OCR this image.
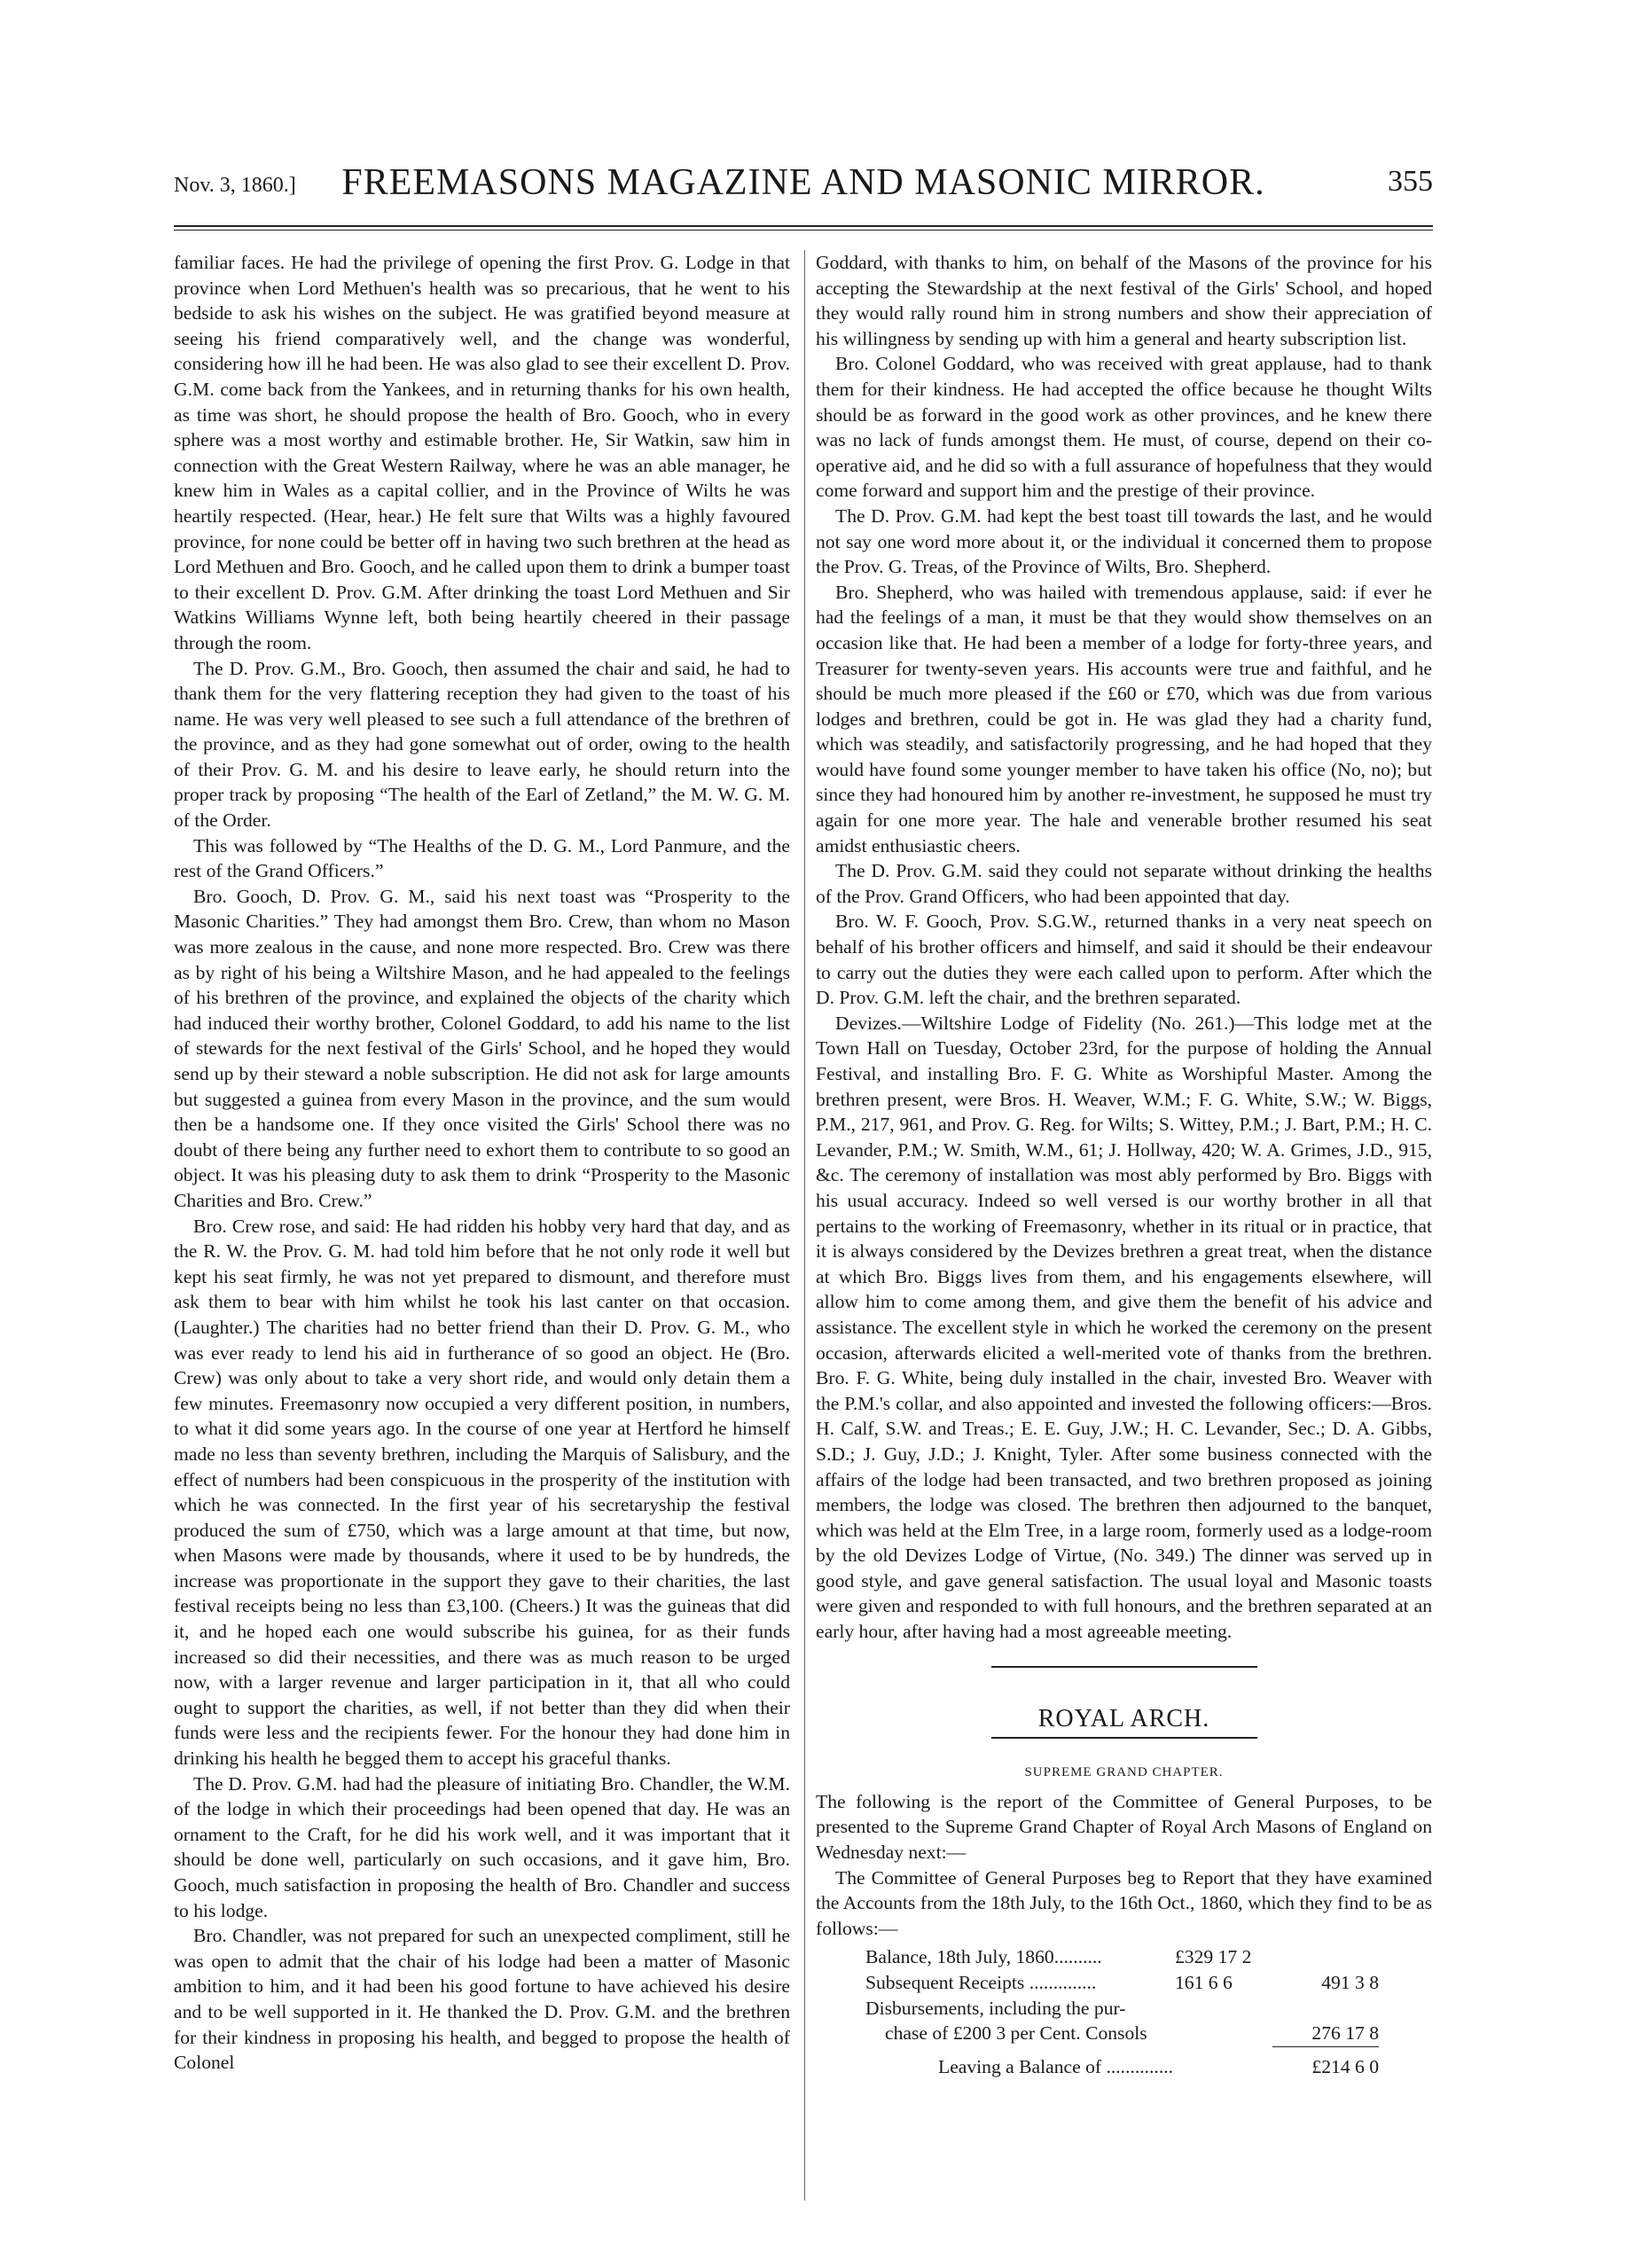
Nov. 3, 1860.]	FREEMASONS MAGAZINE AND MASONIC MIRROR.	355

familiar faces. He had the privilege of opening the first Prov. G. Lodge in that province when Lord Methuen's health was so precarious, that he went to his bedside to ask his wishes on the subject. He was gratified beyond measure at seeing his friend comparatively well, and the change was wonderful, considering how ill he had been. He was also glad to see their excellent D. Prov. G.M. come back from the Yankees, and in returning thanks for his own health, as time was short, he should propose the health of Bro. Gooch, who in every sphere was a most worthy and estimable brother. He, Sir Watkin, saw him in connection with the Great Western Railway, where he was an able manager, he knew him in Wales as a capital collier, and in the Province of Wilts he was heartily respected. (Hear, hear.) He felt sure that Wilts was a highly favoured province, for none could be better off in having two such brethren at the head as Lord Methuen and Bro. Gooch, and he called upon them to drink a bumper toast to their excellent D. Prov. G.M. After drinking the toast Lord Methuen and Sir Watkins Williams Wynne left, both being heartily cheered in their passage through the room.

The D. Prov. G.M., Bro. Gooch, then assumed the chair and said, he had to thank them for the very flattering reception they had given to the toast of his name. He was very well pleased to see such a full attendance of the brethren of the province, and as they had gone somewhat out of order, owing to the health of their Prov. G. M. and his desire to leave early, he should return into the proper track by proposing “The health of the Earl of Zetland,” the M. W. G. M. of the Order.

This was followed by “The Healths of the D. G. M., Lord Panmure, and the rest of the Grand Officers.”

Bro. Gooch, D. Prov. G. M., said his next toast was “Prosperity to the Masonic Charities.” They had amongst them Bro. Crew, than whom no Mason was more zealous in the cause, and none more respected. Bro. Crew was there as by right of his being a Wiltshire Mason, and he had appealed to the feelings of his brethren of the province, and explained the objects of the charity which had induced their worthy brother, Colonel Goddard, to add his name to the list of stewards for the next festival of the Girls' School, and he hoped they would send up by their steward a noble subscription. He did not ask for large amounts but suggested a guinea from every Mason in the province, and the sum would then be a handsome one. If they once visited the Girls' School there was no doubt of there being any further need to exhort them to contribute to so good an object. It was his pleasing duty to ask them to drink “Prosperity to the Masonic Charities and Bro. Crew.”

Bro. Crew rose, and said: He had ridden his hobby very hard that day, and as the R. W. the Prov. G. M. had told him before that he not only rode it well but kept his seat firmly, he was not yet prepared to dismount, and therefore must ask them to bear with him whilst he took his last canter on that occasion. (Laughter.) The charities had no better friend than their D. Prov. G. M., who was ever ready to lend his aid in furtherance of so good an object. He (Bro. Crew) was only about to take a very short ride, and would only detain them a few minutes. Freemasonry now occupied a very different position, in numbers, to what it did some years ago. In the course of one year at Hertford he himself made no less than seventy brethren, including the Marquis of Salisbury, and the effect of numbers had been conspicuous in the prosperity of the institution with which he was connected. In the first year of his secretaryship the festival produced the sum of £750, which was a large amount at that time, but now, when Masons were made by thousands, where it used to be by hundreds, the increase was proportionate in the support they gave to their charities, the last festival receipts being no less than £3,100. (Cheers.) It was the guineas that did it, and he hoped each one would subscribe his guinea, for as their funds increased so did their necessities, and there was as much reason to be urged now, with a larger revenue and larger participation in it, that all who could ought to support the charities, as well, if not better than they did when their funds were less and the recipients fewer. For the honour they had done him in drinking his health he begged them to accept his graceful thanks.

The D. Prov. G.M. had had the pleasure of initiating Bro. Chandler, the W.M. of the lodge in which their proceedings had been opened that day. He was an ornament to the Craft, for he did his work well, and it was important that it should be done well, particularly on such occasions, and it gave him, Bro. Gooch, much satisfaction in proposing the health of Bro. Chandler and success to his lodge.

Bro. Chandler, was not prepared for such an unexpected compliment, still he was open to admit that the chair of his lodge had been a matter of Masonic ambition to him, and it had been his good fortune to have achieved his desire and to be well supported in it. He thanked the D. Prov. G.M. and the brethren for their kindness in proposing his health, and begged to propose the health of Colonel

Goddard, with thanks to him, on behalf of the Masons of the province for his accepting the Stewardship at the next festival of the Girls' School, and hoped they would rally round him in strong numbers and show their appreciation of his willingness by sending up with him a general and hearty subscription list.

Bro. Colonel Goddard, who was received with great applause, had to thank them for their kindness. He had accepted the office because he thought Wilts should be as forward in the good work as other provinces, and he knew there was no lack of funds amongst them. He must, of course, depend on their co-operative aid, and he did so with a full assurance of hopefulness that they would come forward and support him and the prestige of their province.

The D. Prov. G.M. had kept the best toast till towards the last, and he would not say one word more about it, or the individual it concerned them to propose the Prov. G. Treas, of the Province of Wilts, Bro. Shepherd.

Bro. Shepherd, who was hailed with tremendous applause, said: if ever he had the feelings of a man, it must be that they would show themselves on an occasion like that. He had been a member of a lodge for forty-three years, and Treasurer for twenty-seven years. His accounts were true and faithful, and he should be much more pleased if the £60 or £70, which was due from various lodges and brethren, could be got in. He was glad they had a charity fund, which was steadily, and satisfactorily progressing, and he had hoped that they would have found some younger member to have taken his office (No, no); but since they had honoured him by another re-investment, he supposed he must try again for one more year. The hale and venerable brother resumed his seat amidst enthusiastic cheers.

The D. Prov. G.M. said they could not separate without drinking the healths of the Prov. Grand Officers, who had been appointed that day.

Bro. W. F. Gooch, Prov. S.G.W., returned thanks in a very neat speech on behalf of his brother officers and himself, and said it should be their endeavour to carry out the duties they were each called upon to perform. After which the D. Prov. G.M. left the chair, and the brethren separated.

Devizes.—Wiltshire Lodge of Fidelity (No. 261.)—This lodge met at the Town Hall on Tuesday, October 23rd, for the purpose of holding the Annual Festival, and installing Bro. F. G. White as Worshipful Master. Among the brethren present, were Bros. H. Weaver, W.M.; F. G. White, S.W.; W. Biggs, P.M., 217, 961, and Prov. G. Reg. for Wilts; S. Wittey, P.M.; J. Bart, P.M.; H. C. Levander, P.M.; W. Smith, W.M., 61; J. Hollway, 420; W. A. Grimes, J.D., 915, &c. The ceremony of installation was most ably performed by Bro. Biggs with his usual accuracy. Indeed so well versed is our worthy brother in all that pertains to the working of Freemasonry, whether in its ritual or in practice, that it is always considered by the Devizes brethren a great treat, when the distance at which Bro. Biggs lives from them, and his engagements elsewhere, will allow him to come among them, and give them the benefit of his advice and assistance. The excellent style in which he worked the ceremony on the present occasion, afterwards elicited a well-merited vote of thanks from the brethren. Bro. F. G. White, being duly installed in the chair, invested Bro. Weaver with the P.M.'s collar, and also appointed and invested the following officers:—Bros. H. Calf, S.W. and Treas.; E. E. Guy, J.W.; H. C. Levander, Sec.; D. A. Gibbs, S.D.; J. Guy, J.D.; J. Knight, Tyler. After some business connected with the affairs of the lodge had been transacted, and two brethren proposed as joining members, the lodge was closed. The brethren then adjourned to the banquet, which was held at the Elm Tree, in a large room, formerly used as a lodge-room by the old Devizes Lodge of Virtue, (No. 349.) The dinner was served up in good style, and gave general satisfaction. The usual loyal and Masonic toasts were given and responded to with full honours, and the brethren separated at an early hour, after having had a most agreeable meeting.

ROYAL ARCH.
SUPREME GRAND CHAPTER.

The following is the report of the Committee of General Purposes, to be presented to the Supreme Grand Chapter of Royal Arch Masons of England on Wednesday next:—

The Committee of General Purposes beg to Report that they have examined the Accounts from the 18th July, to the 16th Oct., 1860, which they find to be as follows:—

Balance, 18th July, 1860..........	£329 17 2
Subsequent Receipts ..............	161 6 6	491 3 8
Disbursements, including the pur-
chase of £200 3 per Cent. Consols	276 17 8
Leaving a Balance of ..............	£214 6 0
